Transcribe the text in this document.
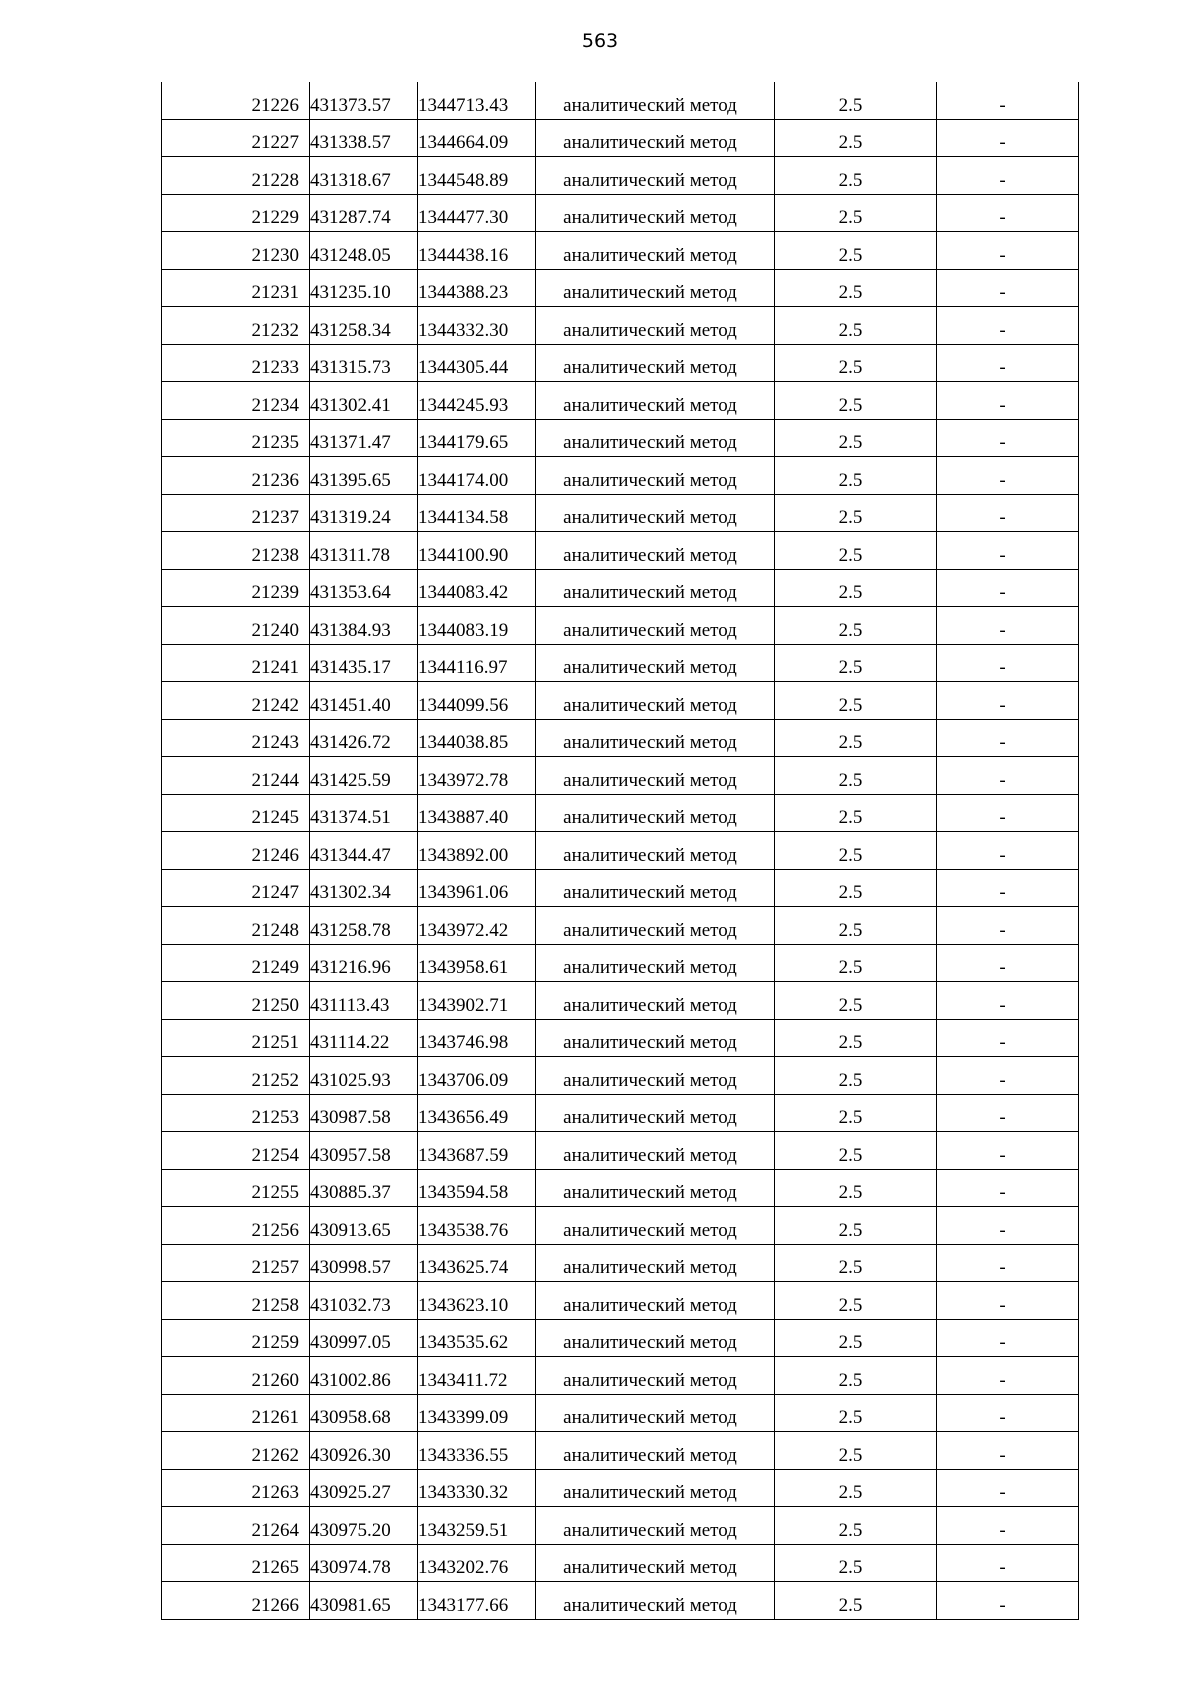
563
21226	431373.57	1344713.43	аналитический метод	2.5	-
21227	431338.57	1344664.09	аналитический метод	2.5	-
21228	431318.67	1344548.89	аналитический метод	2.5	-
21229	431287.74	1344477.30	аналитический метод	2.5	-
21230	431248.05	1344438.16	аналитический метод	2.5	-
21231	431235.10	1344388.23	аналитический метод	2.5	-
21232	431258.34	1344332.30	аналитический метод	2.5	-
21233	431315.73	1344305.44	аналитический метод	2.5	-
21234	431302.41	1344245.93	аналитический метод	2.5	-
21235	431371.47	1344179.65	аналитический метод	2.5	-
21236	431395.65	1344174.00	аналитический метод	2.5	-
21237	431319.24	1344134.58	аналитический метод	2.5	-
21238	431311.78	1344100.90	аналитический метод	2.5	-
21239	431353.64	1344083.42	аналитический метод	2.5	-
21240	431384.93	1344083.19	аналитический метод	2.5	-
21241	431435.17	1344116.97	аналитический метод	2.5	-
21242	431451.40	1344099.56	аналитический метод	2.5	-
21243	431426.72	1344038.85	аналитический метод	2.5	-
21244	431425.59	1343972.78	аналитический метод	2.5	-
21245	431374.51	1343887.40	аналитический метод	2.5	-
21246	431344.47	1343892.00	аналитический метод	2.5	-
21247	431302.34	1343961.06	аналитический метод	2.5	-
21248	431258.78	1343972.42	аналитический метод	2.5	-
21249	431216.96	1343958.61	аналитический метод	2.5	-
21250	431113.43	1343902.71	аналитический метод	2.5	-
21251	431114.22	1343746.98	аналитический метод	2.5	-
21252	431025.93	1343706.09	аналитический метод	2.5	-
21253	430987.58	1343656.49	аналитический метод	2.5	-
21254	430957.58	1343687.59	аналитический метод	2.5	-
21255	430885.37	1343594.58	аналитический метод	2.5	-
21256	430913.65	1343538.76	аналитический метод	2.5	-
21257	430998.57	1343625.74	аналитический метод	2.5	-
21258	431032.73	1343623.10	аналитический метод	2.5	-
21259	430997.05	1343535.62	аналитический метод	2.5	-
21260	431002.86	1343411.72	аналитический метод	2.5	-
21261	430958.68	1343399.09	аналитический метод	2.5	-
21262	430926.30	1343336.55	аналитический метод	2.5	-
21263	430925.27	1343330.32	аналитический метод	2.5	-
21264	430975.20	1343259.51	аналитический метод	2.5	-
21265	430974.78	1343202.76	аналитический метод	2.5	-
21266	430981.65	1343177.66	аналитический метод	2.5	-
